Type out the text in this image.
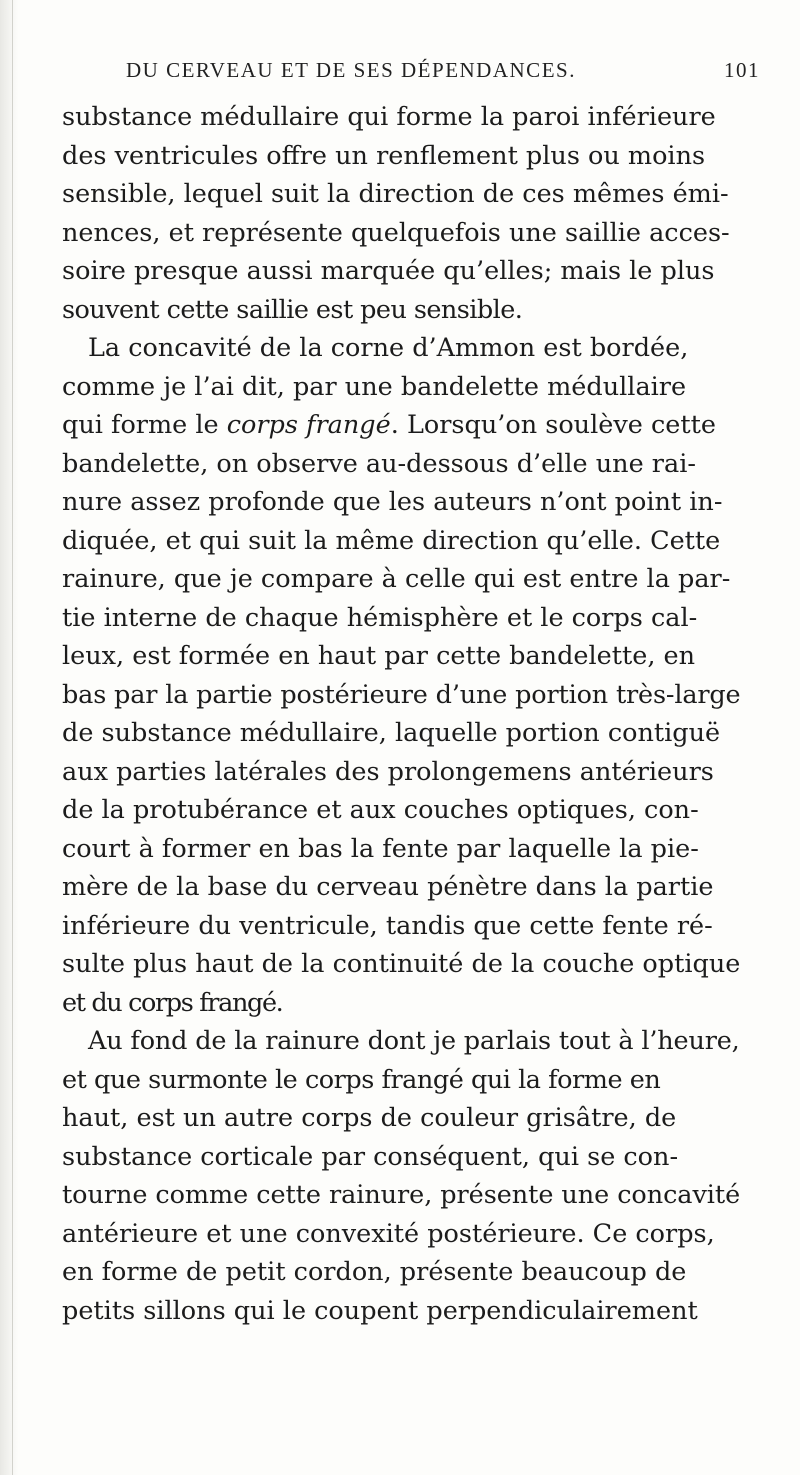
DU CERVEAU ET DE SES DÉPENDANCES.	101
substance médullaire qui forme la paroi inférieure
des ventricules offre un renflement plus ou moins
sensible, lequel suit la direction de ces mêmes émi-
nences, et représente quelquefois une saillie acces-
soire presque aussi marquée qu’elles; mais le plus
souvent cette saillie est peu sensible.
La concavité de la corne d’Ammon est bordée,
comme je l’ai dit, par une bandelette médullaire
qui forme le corps frangé. Lorsqu’on soulève cette
bandelette, on observe au-dessous d’elle une rai-
nure assez profonde que les auteurs n’ont point in-
diquée, et qui suit la même direction qu’elle. Cette
rainure, que je compare à celle qui est entre la par-
tie interne de chaque hémisphère et le corps cal-
leux, est formée en haut par cette bandelette, en
bas par la partie postérieure d’une portion très-large
de substance médullaire, laquelle portion contiguë
aux parties latérales des prolongemens antérieurs
de la protubérance et aux couches optiques, con-
court à former en bas la fente par laquelle la pie-
mère de la base du cerveau pénètre dans la partie
inférieure du ventricule, tandis que cette fente ré-
sulte plus haut de la continuité de la couche optique
et du corps frangé.
Au fond de la rainure dont je parlais tout à l’heure,
et que surmonte le corps frangé qui la forme en
haut, est un autre corps de couleur grisâtre, de
substance corticale par conséquent, qui se con-
tourne comme cette rainure, présente une concavité
antérieure et une convexité postérieure. Ce corps,
en forme de petit cordon, présente beaucoup de
petits sillons qui le coupent perpendiculairement
